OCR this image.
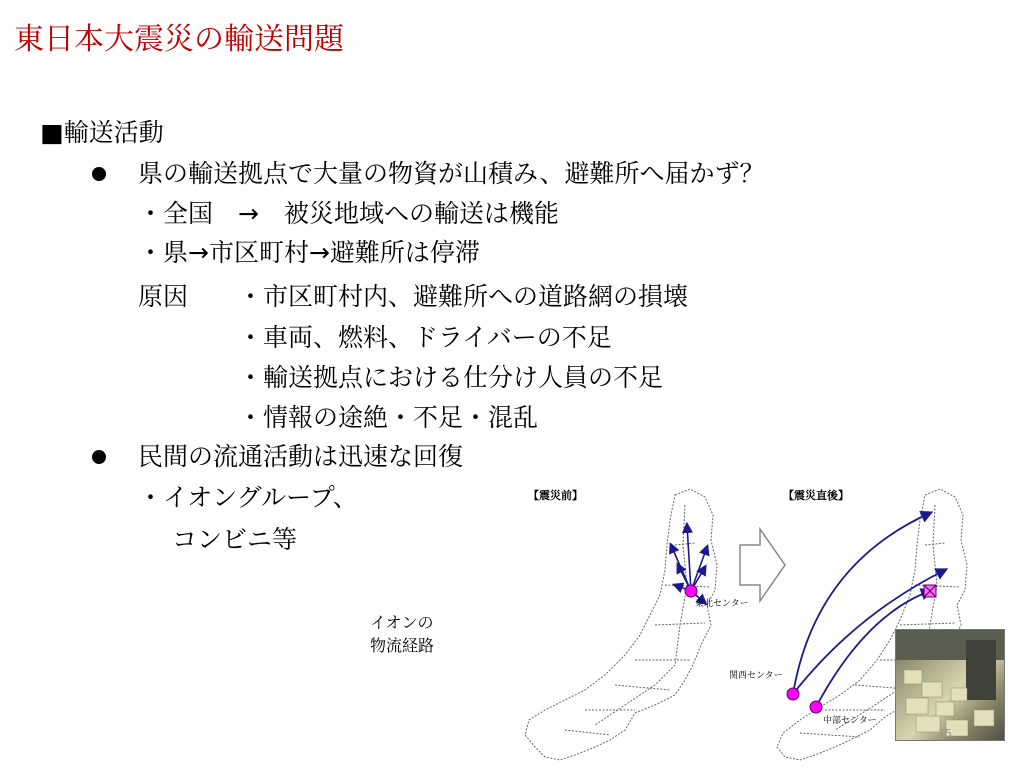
東日本大震災の輸送問題
■輸送活動
県の輸送拠点で大量の物資が山積み、避難所へ届かず？
・全国　→　被災地域への輸送は機能
・県→市区町村→避難所は停滞
原因 ・市区町村内、避難所への道路網の損壊
・車両、燃料、ドライバーの不足
・輸送拠点における仕分け人員の不足
・情報の途絶・不足・混乱
民間の流通活動は迅速な回復
・イオングループ、
コンビニ等
イオンの
物流経路
【震災前】	【震災直後】
東北センター
関西センター
中部センター
15
